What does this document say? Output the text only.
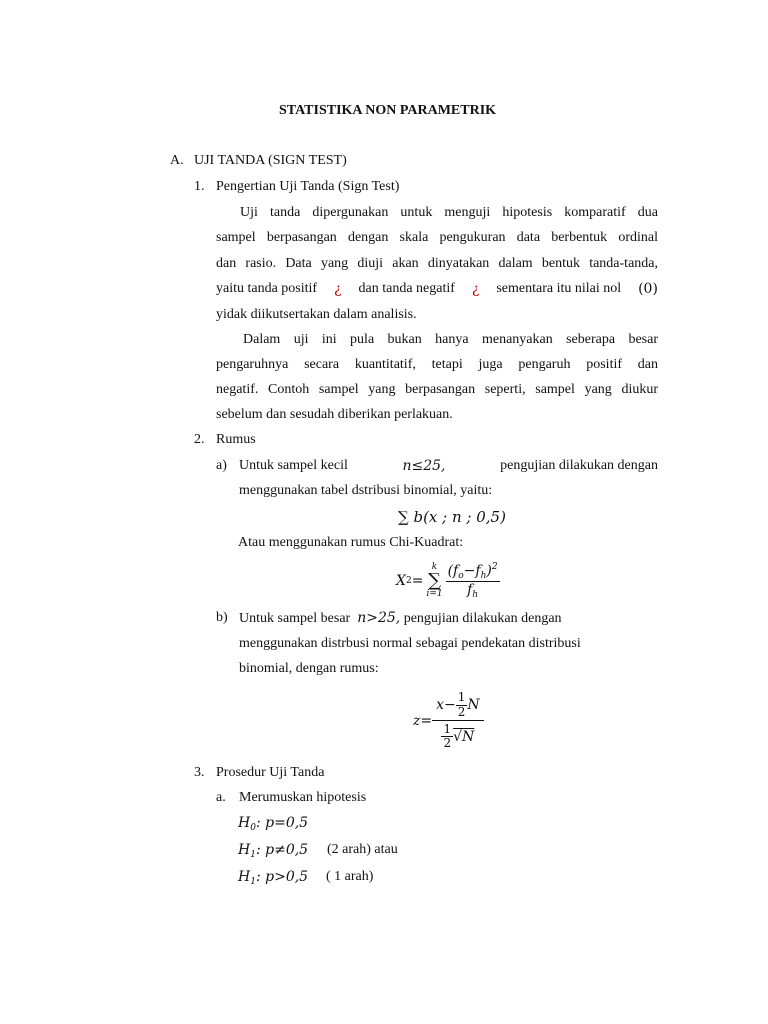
STATISTIKA NON PARAMETRIK
A. UJI TANDA (SIGN TEST)
1. Pengertian Uji Tanda (Sign Test)
Uji tanda dipergunakan untuk menguji hipotesis komparatif dua
sampel berpasangan dengan skala pengukuran data berbentuk ordinal
dan rasio. Data yang diuji akan dinyatakan dalam bentuk tanda-tanda,
yaitu tanda positif ¿ dan tanda negatif ¿ sementara itu nilai nol (0)
yidak diikutsertakan dalam analisis.
Dalam uji ini pula bukan hanya menanyakan seberapa besar
pengaruhnya secara kuantitatif, tetapi juga pengaruh positif dan
negatif. Contoh sampel yang berpasangan seperti, sampel yang diukur
sebelum dan sesudah diberikan perlakuan.
2. Rumus
a) Untuk sampel kecil	n≤25,	pengujian dilakukan dengan
menggunakan tabel dstribusi binomial, yaitu:
∑ b(x ; n ; 0,5)
Atau menggunakan rumus Chi-Kuadrat:
X 2 =
k
∑
$i=1 \frac{(f_o-f_h)^2}{f_h}$
b) Untuk sampel besar n>25, pengujian dilakukan dengan
menggunakan distrbusi normal sebagai pendekatan distribusi
binomial, dengan rumus:
$z= \frac{x- \frac{1}{2} N}{\frac{1}{2} √N}$
3. Prosedur Uji Tanda
a. Merumuskan hipotesis
$H_0$: p=0,5
$H_1$: p≠0,5 (2 arah) atau
$H_1$: p>0,5 ( 1 arah)
